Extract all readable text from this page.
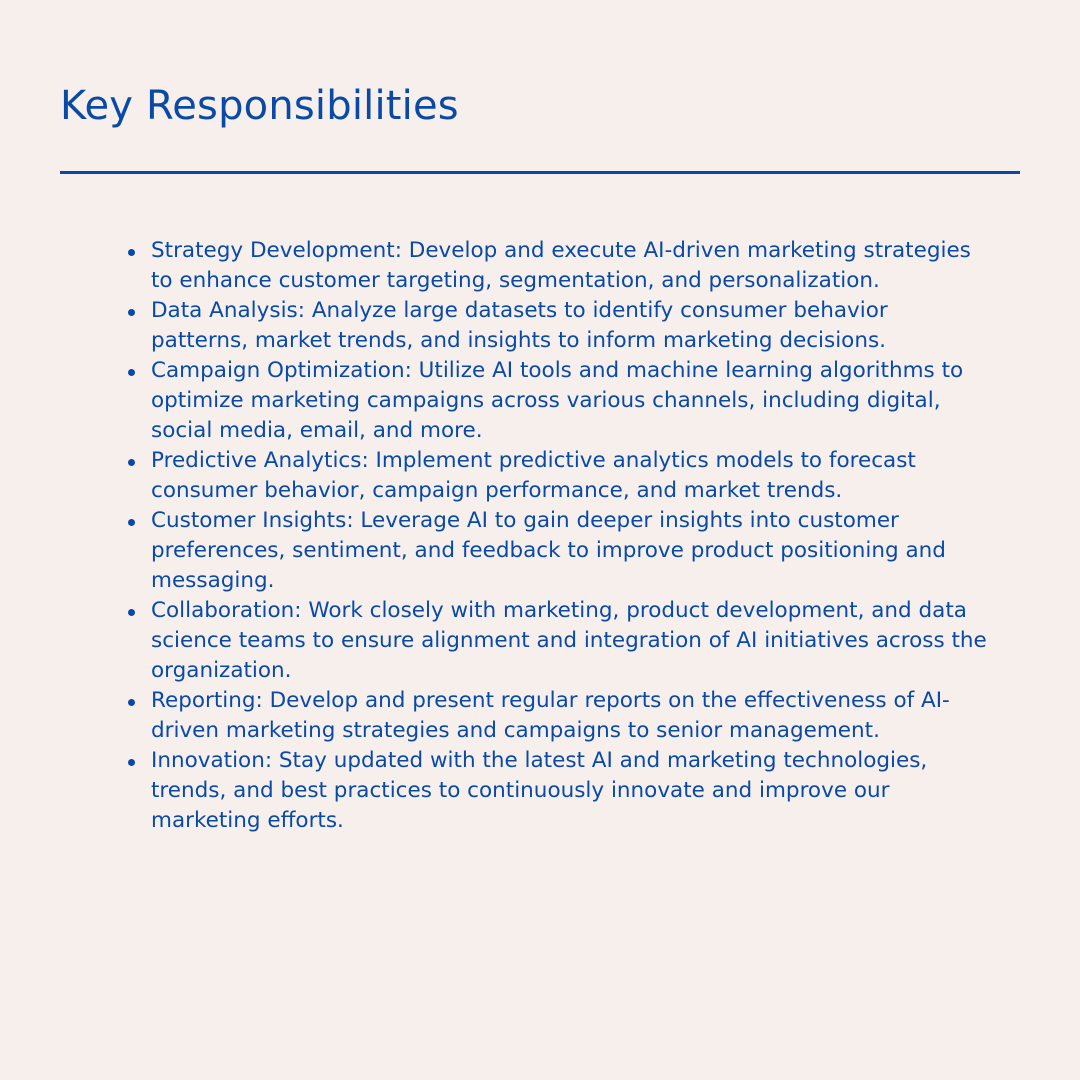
Key Responsibilities
Strategy Development: Develop and execute AI-driven marketing strategies to enhance customer targeting, segmentation, and personalization.
Data Analysis: Analyze large datasets to identify consumer behavior patterns, market trends, and insights to inform marketing decisions.
Campaign Optimization: Utilize AI tools and machine learning algorithms to optimize marketing campaigns across various channels, including digital, social media, email, and more.
Predictive Analytics: Implement predictive analytics models to forecast consumer behavior, campaign performance, and market trends.
Customer Insights: Leverage AI to gain deeper insights into customer preferences, sentiment, and feedback to improve product positioning and messaging.
Collaboration: Work closely with marketing, product development, and data science teams to ensure alignment and integration of AI initiatives across the organization.
Reporting: Develop and present regular reports on the effectiveness of AI-driven marketing strategies and campaigns to senior management.
Innovation: Stay updated with the latest AI and marketing technologies, trends, and best practices to continuously innovate and improve our marketing efforts.
